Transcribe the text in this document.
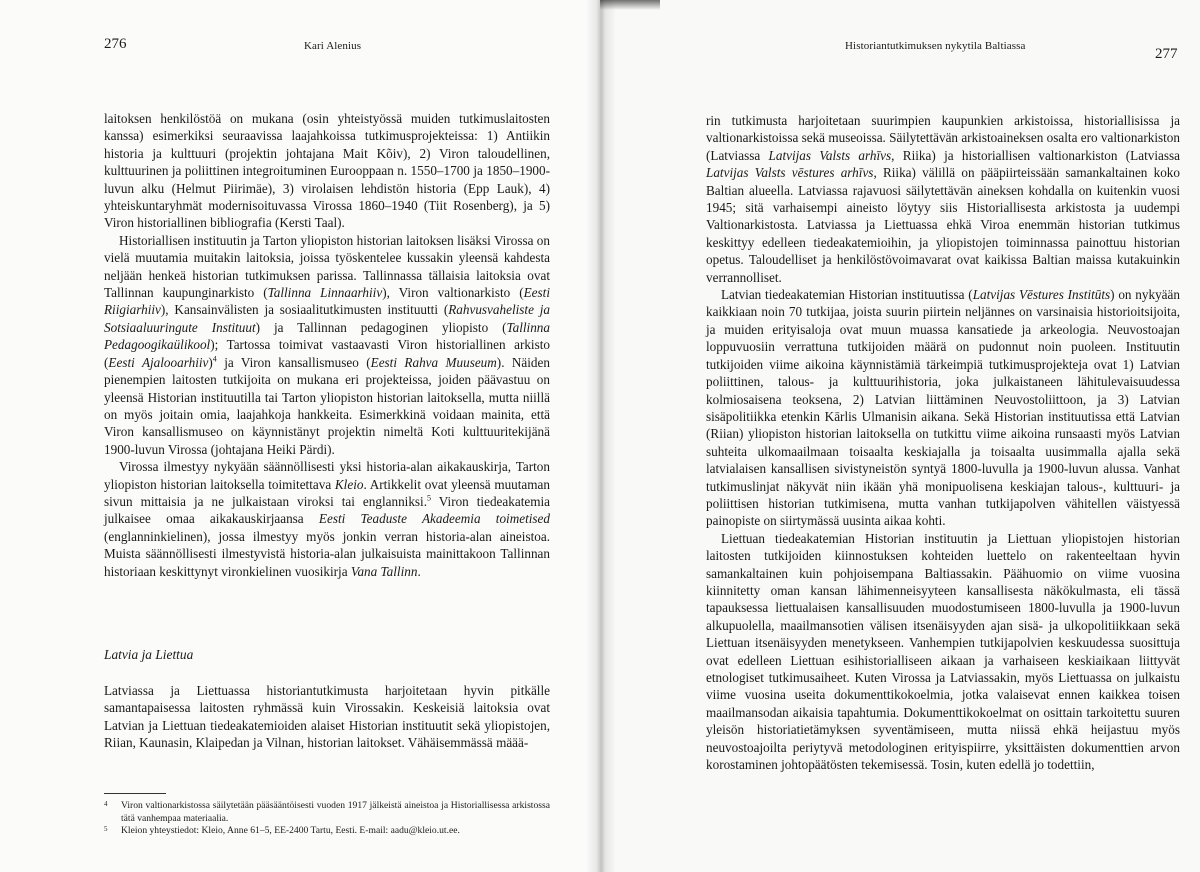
276	Kari Alenius

laitoksen henkilöstöä on mukana (osin yhteistyössä muiden tutkimuslaitosten kanssa) esimerkiksi seuraavissa laajahkoissa tutkimusprojekteissa: 1) Antiikin historia ja kulttuuri (projektin johtajana Mait Kõiv), 2) Viron taloudellinen, kulttuurinen ja poliittinen integroituminen Eurooppaan n. 1550–1700 ja 1850–1900-luvun alku (Helmut Piirimäe), 3) virolaisen lehdistön historia (Epp Lauk), 4) yhteiskuntaryhmät modernisoituvassa Virossa 1860–1940 (Tiit Rosenberg), ja 5) Viron historiallinen bibliografia (Kersti Taal).

Historiallisen instituutin ja Tarton yliopiston historian laitoksen lisäksi Virossa on vielä muutamia muitakin laitoksia, joissa työskentelee kussakin yleensä kahdesta neljään henkeä historian tutkimuksen parissa. Tallinnassa tällaisia laitoksia ovat Tallinnan kaupunginarkisto (Tallinna Linnaarhiiv), Viron valtionarkisto (Eesti Riigiarhiiv), Kansainvälisten ja sosiaalitutkimusten instituutti (Rahvusvaheliste ja Sotsiaaluuringute Instituut) ja Tallinnan pedagoginen yliopisto (Tallinna Pedagoogikaülikool); Tartossa toimivat vastaavasti Viron historiallinen arkisto (Eesti Ajalooarhiiv)$^4$ ja Viron kansallismuseo (Eesti Rahva Muuseum). Näiden pienempien laitosten tutkijoita on mukana eri projekteissa, joiden päävastuu on yleensä Historian instituutilla tai Tarton yliopiston historian laitoksella, mutta niillä on myös joitain omia, laajahkoja hankkeita. Esimerkkinä voidaan mainita, että Viron kansallismuseo on käynnistänyt projektin nimeltä Koti kulttuuritekijänä 1900-luvun Virossa (johtajana Heiki Pärdi).

Virossa ilmestyy nykyään säännöllisesti yksi historia-alan aikakauskirja, Tarton yliopiston historian laitoksella toimitettava Kleio. Artikkelit ovat yleensä muutaman sivun mittaisia ja ne julkaistaan viroksi tai englanniksi.$^5$ Viron tiedeakatemia julkaisee omaa aikakauskirjaansa Eesti Teaduste Akadeemia toimetised (englanninkielinen), jossa ilmestyy myös jonkin verran historia-alan aineistoa. Muista säännöllisesti ilmestyvistä historia-alan julkaisuista mainittakoon Tallinnan historiaan keskittynyt vironkielinen vuosikirja Vana Tallinn.

Latvia ja Liettua

Latviassa ja Liettuassa historiantutkimusta harjoitetaan hyvin pitkälle samantapaisessa laitosten ryhmässä kuin Virossakin. Keskeisiä laitoksia ovat Latvian ja Liettuan tiedeakatemioiden alaiset Historian instituutit sekä yliopistojen, Riian, Kaunasin, Klaipedan ja Vilnan, historian laitokset. Vähäisemmässä määä-

4 Viron valtionarkistossa säilytetään pääsääntöisesti vuoden 1917 jälkeistä aineistoa ja Historiallisessa arkistossa tätä vanhempaa materiaalia.

5 Kleion yhteystiedot: Kleio, Anne 61–5, EE-2400 Tartu, Eesti. E-mail: aadu@kleio.ut.ee.

Historiantutkimuksen nykytila Baltiassa	277

rin tutkimusta harjoitetaan suurimpien kaupunkien arkistoissa, historiallisissa ja valtionarkistoissa sekä museoissa. Säilytettävän arkistoaineksen osalta ero valtionarkiston (Latviassa Latvijas Valsts arhīvs, Riika) ja historiallisen valtionarkiston (Latviassa Latvijas Valsts vēstures arhīvs, Riika) välillä on pääpiirteissään samankaltainen koko Baltian alueella. Latviassa rajavuosi säilytettävän aineksen kohdalla on kuitenkin vuosi 1945; sitä varhaisempi aineisto löytyy siis Historiallisesta arkistosta ja uudempi Valtionarkistosta. Latviassa ja Liettuassa ehkä Viroa enemmän historian tutkimus keskittyy edelleen tiedeakatemioihin, ja yliopistojen toiminnassa painottuu historian opetus. Taloudelliset ja henkilöstövoimavarat ovat kaikissa Baltian maissa kutakuinkin verrannolliset.

Latvian tiedeakatemian Historian instituutissa (Latvijas Vēstures Institūts) on nykyään kaikkiaan noin 70 tutkijaa, joista suurin piirtein neljännes on varsinaisia historioitsijoita, ja muiden erityisaloja ovat muun muassa kansatiede ja arkeologia. Neuvostoajan loppuvuosiin verrattuna tutkijoiden määrä on pudonnut noin puoleen. Instituutin tutkijoiden viime aikoina käynnistämiä tärkeimpiä tutkimusprojekteja ovat 1) Latvian poliittinen, talous- ja kulttuurihistoria, joka julkaistaneen lähitulevaisuudessa kolmiosaisena teoksena, 2) Latvian liittäminen Neuvostoliittoon, ja 3) Latvian sisäpolitiikka etenkin Kārlis Ulmanisin aikana. Sekä Historian instituutissa että Latvian (Riian) yliopiston historian laitoksella on tutkittu viime aikoina runsaasti myös Latvian suhteita ulkomaailmaan toisaalta keskiajalla ja toisaalta uusimmalla ajalla sekä latvialaisen kansallisen sivistyneistön syntyä 1800-luvulla ja 1900-luvun alussa. Vanhat tutkimuslinjat näkyvät niin ikään yhä monipuolisena keskiajan talous-, kulttuuri- ja poliittisen historian tutkimisena, mutta vanhan tutkijapolven vähitellen väistyessä painopiste on siirtymässä uusinta aikaa kohti.

Liettuan tiedeakatemian Historian instituutin ja Liettuan yliopistojen historian laitosten tutkijoiden kiinnostuksen kohteiden luettelo on rakenteeltaan hyvin samankaltainen kuin pohjoisempana Baltiassakin. Päähuomio on viime vuosina kiinnitetty oman kansan lähimenneisyyteen kansallisesta näkökulmasta, eli tässä tapauksessa liettualaisen kansallisuuden muodostumiseen 1800-luvulla ja 1900-luvun alkupuolella, maailmansotien välisen itsenäisyyden ajan sisä- ja ulkopolitiikkaan sekä Liettuan itsenäisyyden menetykseen. Vanhempien tutkijapolvien keskuudessa suosittuja ovat edelleen Liettuan esihistorialliseen aikaan ja varhaiseen keskiaikaan liittyvät etnologiset tutkimusaiheet. Kuten Virossa ja Latviassakin, myös Liettuassa on julkaistu viime vuosina useita dokumenttikokoelmia, jotka valaisevat ennen kaikkea toisen maailmansodan aikaisia tapahtumia. Dokumenttikokoelmat on osittain tarkoitettu suuren yleisön historiatietämyksen syventämiseen, mutta niissä ehkä heijastuu myös neuvostoajoilta periytyvä metodologinen erityispiirre, yksittäisten dokumenttien arvon korostaminen johtopäätösten tekemisessä. Tosin, kuten edellä jo todettiin,
